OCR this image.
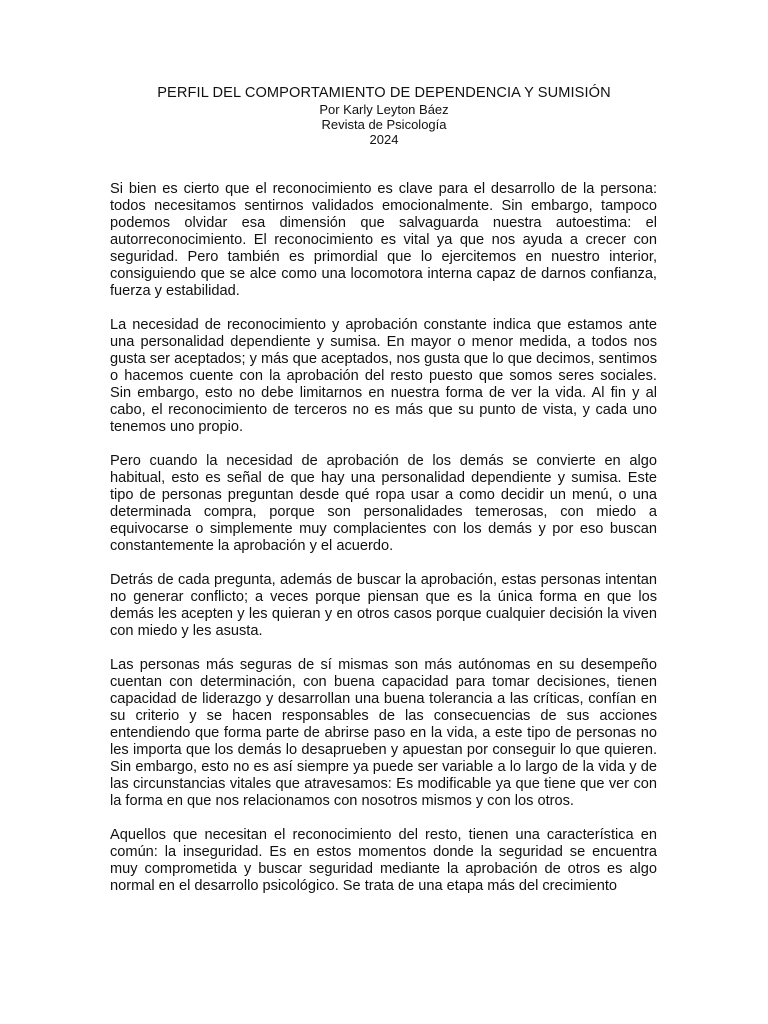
PERFIL DEL COMPORTAMIENTO DE DEPENDENCIA Y SUMISIÓN

Por Karly Leyton Báez

Revista de Psicología

2024

Si bien es cierto que el reconocimiento es clave para el desarrollo de la persona: todos necesitamos sentirnos validados emocionalmente. Sin embargo, tampoco podemos olvidar esa dimensión que salvaguarda nuestra autoestima: el autorreconocimiento. El reconocimiento es vital ya que nos ayuda a crecer con seguridad. Pero también es primordial que lo ejercitemos en nuestro interior, consiguiendo que se alce como una locomotora interna capaz de darnos confianza, fuerza y estabilidad.

La necesidad de reconocimiento y aprobación constante indica que estamos ante una personalidad dependiente y sumisa. En mayor o menor medida, a todos nos gusta ser aceptados; y más que aceptados, nos gusta que lo que decimos, sentimos o hacemos cuente con la aprobación del resto puesto que somos seres sociales. Sin embargo, esto no debe limitarnos en nuestra forma de ver la vida. Al fin y al cabo, el reconocimiento de terceros no es más que su punto de vista, y cada uno tenemos uno propio.

Pero cuando la necesidad de aprobación de los demás se convierte en algo habitual, esto es señal de que hay una personalidad dependiente y sumisa. Este tipo de personas preguntan desde qué ropa usar a como decidir un menú, o una determinada compra, porque son personalidades temerosas, con miedo a equivocarse o simplemente muy complacientes con los demás y por eso buscan constantemente la aprobación y el acuerdo.

Detrás de cada pregunta, además de buscar la aprobación, estas personas intentan no generar conflicto; a veces porque piensan que es la única forma en que los demás les acepten y les quieran y en otros casos porque cualquier decisión la viven con miedo y les asusta.

Las personas más seguras de sí mismas son más autónomas en su desempeño cuentan con determinación, con buena capacidad para tomar decisiones, tienen capacidad de liderazgo y desarrollan una buena tolerancia a las críticas, confían en su criterio y se hacen responsables de las consecuencias de sus acciones entendiendo que forma parte de abrirse paso en la vida, a este tipo de personas no les importa que los demás lo desaprueben y apuestan por conseguir lo que quieren. Sin embargo, esto no es así siempre ya puede ser variable a lo largo de la vida y de las circunstancias vitales que atravesamos: Es modificable ya que tiene que ver con la forma en que nos relacionamos con nosotros mismos y con los otros.

Aquellos que necesitan el reconocimiento del resto, tienen una característica en común: la inseguridad. Es en estos momentos donde la seguridad se encuentra muy comprometida y buscar seguridad mediante la aprobación de otros es algo normal en el desarrollo psicológico. Se trata de una etapa más del crecimiento
